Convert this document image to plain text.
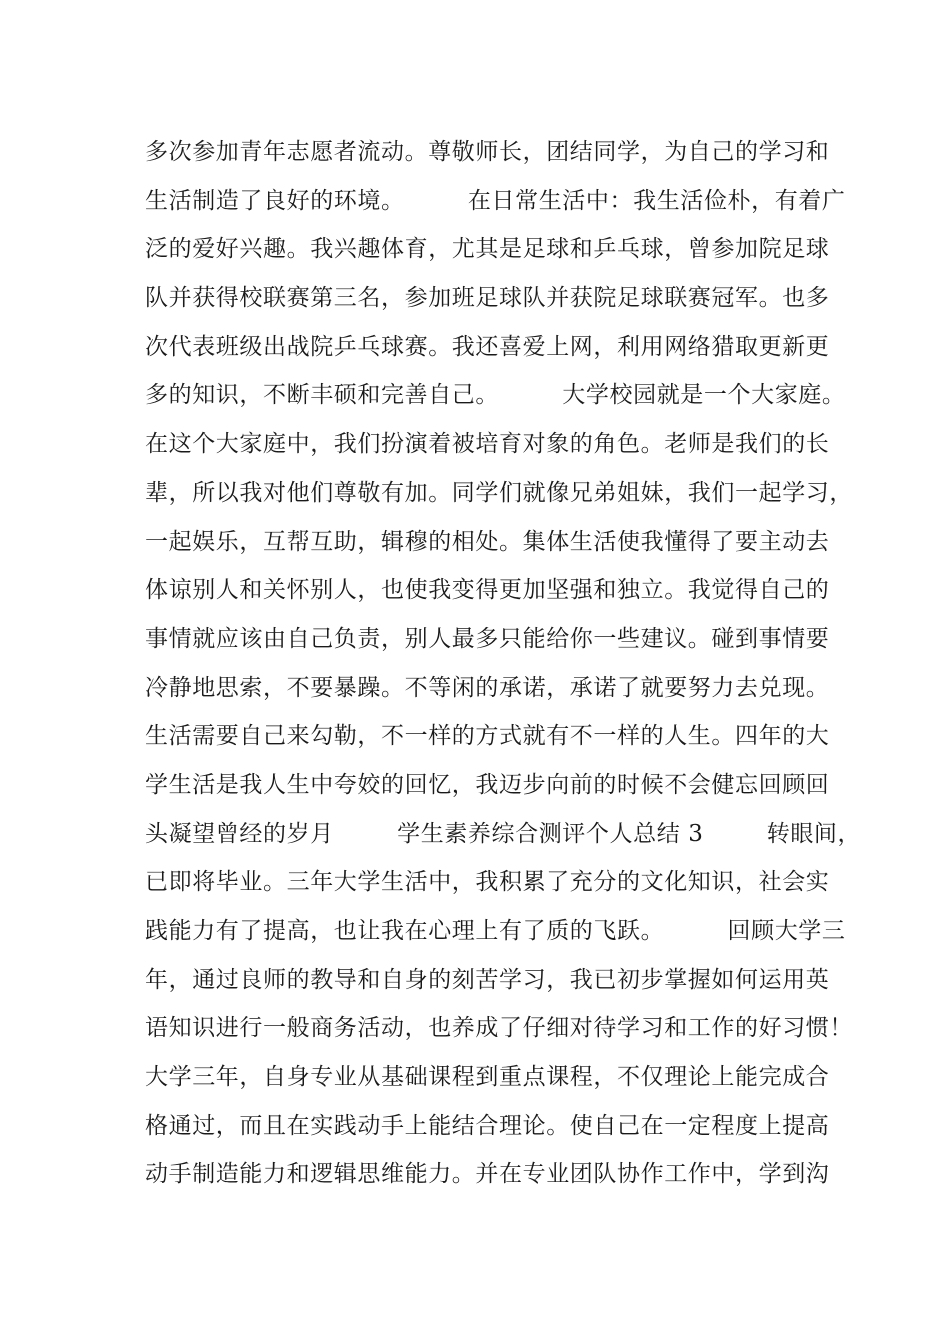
多次参加青年志愿者流动。尊敬师长，团结同学，为自己的学习和
生活制造了良好的环境。        在日常生活中：我生活俭朴，有着广
泛的爱好兴趣。我兴趣体育，尤其是足球和乒乓球，曾参加院足球
队并获得校联赛第三名，参加班足球队并获院足球联赛冠军。也多
次代表班级出战院乒乓球赛。我还喜爱上网，利用网络猎取更新更
多的知识，不断丰硕和完善自己。        大学校园就是一个大家庭。
在这个大家庭中，我们扮演着被培育对象的角色。老师是我们的长
辈，所以我对他们尊敬有加。同学们就像兄弟姐妹，我们一起学习，
一起娱乐，互帮互助，辑穆的相处。集体生活使我懂得了要主动去
体谅别人和关怀别人，也使我变得更加坚强和独立。我觉得自己的
事情就应该由自己负责，别人最多只能给你一些建议。碰到事情要
冷静地思索，不要暴躁。不等闲的承诺，承诺了就要努力去兑现。
生活需要自己来勾勒，不一样的方式就有不一样的人生。四年的大
学生活是我人生中夸姣的回忆，我迈步向前的时候不会健忘回顾回
头凝望曾经的岁月        学生素养综合测评个人总结 3        转眼间，
已即将毕业。三年大学生活中，我积累了充分的文化知识，社会实
践能力有了提高，也让我在心理上有了质的飞跃。        回顾大学三
年，通过良师的教导和自身的刻苦学习，我已初步掌握如何运用英
语知识进行一般商务活动，也养成了仔细对待学习和工作的好习惯！
大学三年，自身专业从基础课程到重点课程，不仅理论上能完成合
格通过，而且在实践动手上能结合理论。使自己在一定程度上提高
动手制造能力和逻辑思维能力。并在专业团队协作工作中，学到沟
